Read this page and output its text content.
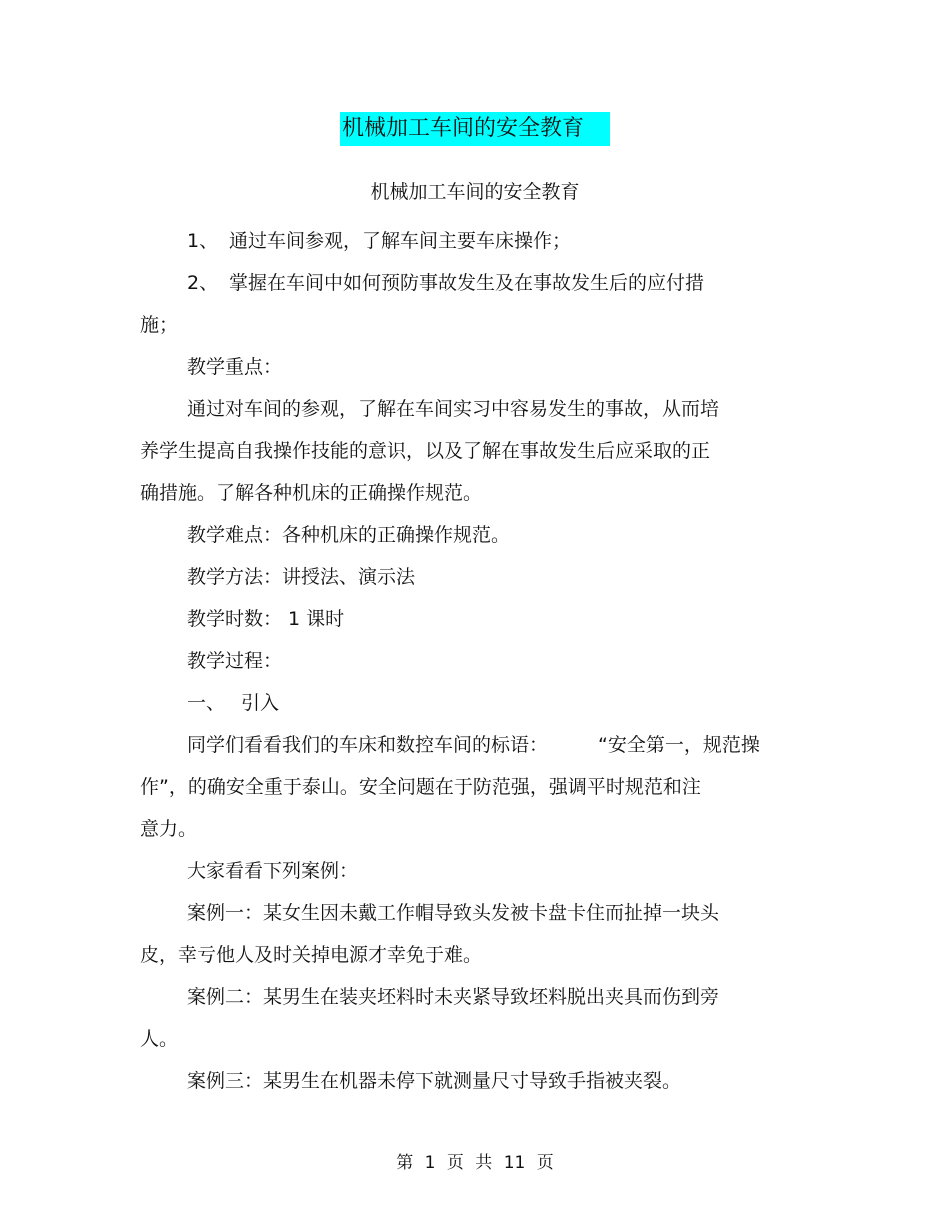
机械加工车间的安全教育
机械加工车间的安全教育

1、 通过车间参观，了解车间主要车床操作；

2、 掌握在车间中如何预防事故发生及在事故发生后的应付措

施；

教学重点：

通过对车间的参观，了解在车间实习中容易发生的事故，从而培

养学生提高自我操作技能的意识，以及了解在事故发生后应采取的正

确措施。了解各种机床的正确操作规范。

教学难点：各种机床的正确操作规范。

教学方法：讲授法、演示法

教学时数： 1 课时

教学过程：

一、 引入

同学们看看我们的车床和数控车间的标语：	“安全第一，规范操

作”，的确安全重于泰山。安全问题在于防范强，强调平时规范和注

意力。

大家看看下列案例：

案例一：某女生因未戴工作帽导致头发被卡盘卡住而扯掉一块头

皮，幸亏他人及时关掉电源才幸免于难。

案例二：某男生在装夹坯料时未夹紧导致坯料脱出夹具而伤到旁

人。

案例三：某男生在机器未停下就测量尺寸导致手指被夹裂。

第 1 页 共 11 页
